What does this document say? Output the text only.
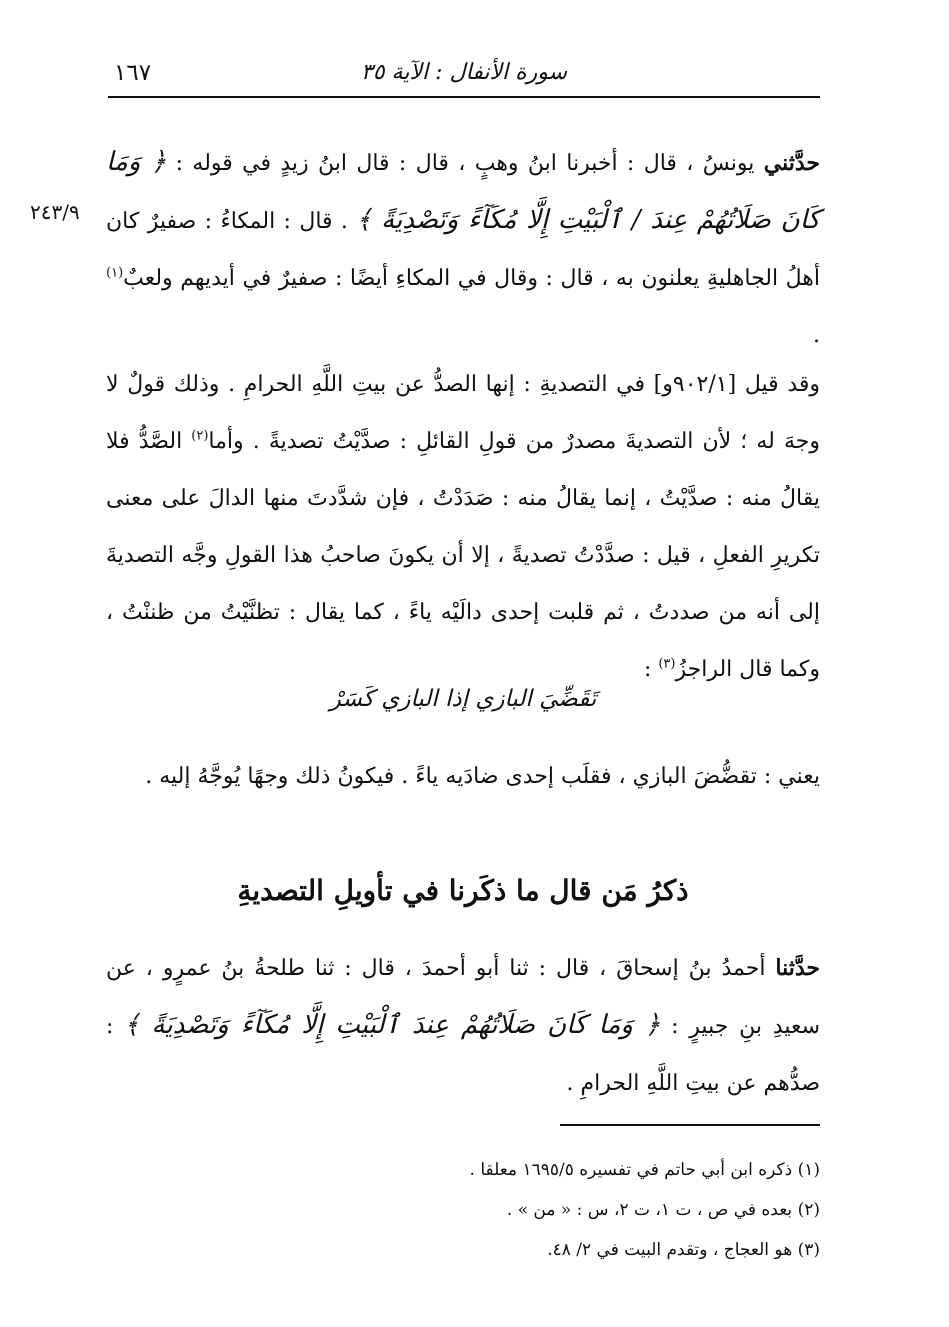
سورة الأنفال : الآية ٣٥
١٦٧
٢٤٣/٩
حدَّثني يونسُ ، قال : أخبرنا ابنُ وهبٍ ، قال : قال ابنُ زيدٍ في قوله : ﴿ وَمَا كَانَ صَلَاتُهُمْ عِندَ / ٱلْبَيْتِ إِلَّا مُكَآءً وَتَصْدِيَةً ﴾ . قال : المكاءُ : صفيرٌ كان أهلُ الجاهليةِ يعلنون به ، قال : وقال في المكاءِ أيضًا : صفيرٌ في أيديهم ولعبٌ$^{(١)}$ .
وقد قيل [٩٠٢/١و] في التصديةِ : إنها الصدُّ عن بيتِ اللَّهِ الحرامِ . وذلك قولٌ لا وجهَ له ؛ لأن التصديةَ مصدرٌ من قولِ القائلِ : صدَّيْتُ تصديةً . وأما$^{(٢)}$ الصَّدُّ فلا يقالُ منه : صدَّيْتُ ، إنما يقالُ منه : صَدَدْتُ ، فإن شدَّدتَ منها الدالَ على معنى تكريرِ الفعلِ ، قيل : صدَّدْتُ تصديةً ، إلا أن يكونَ صاحبُ هذا القولِ وجَّه التصديةَ إلى أنه من صددتُ ، ثم قلبت إحدى دالَيْه ياءً ، كما يقال : تظنَّيْتُ من ظننْتُ ، وكما قال الراجزُ$^{(٣)}$ :
تَقَضِّيَ البازي إذا البازي كَسَرْ
يعني : تقضُّضَ البازي ، فقلَب إحدى ضادَيه ياءً . فيكونُ ذلك وجهًا يُوجَّهُ إليه .
ذكرُ مَن قال ما ذكَرنا في تأويلِ التصديةِ
حدَّثنا أحمدُ بنُ إسحاقَ ، قال : ثنا أبو أحمدَ ، قال : ثنا طلحةُ بنُ عمرٍو ، عن سعيدِ بنِ جبيرٍ : ﴿ وَمَا كَانَ صَلَاتُهُمْ عِندَ ٱلْبَيْتِ إِلَّا مُكَآءً وَتَصْدِيَةً ﴾ : صدُّهم عن بيتِ اللَّهِ الحرامِ .
(١) ذكره ابن أبي حاتم في تفسيره ١٦٩٥/٥ معلقا .
(٢) بعده في ص ، ت ١، ت ٢، س : « من » .
(٣) هو العجاج ، وتقدم البيت في ٢/ ٤٨.
